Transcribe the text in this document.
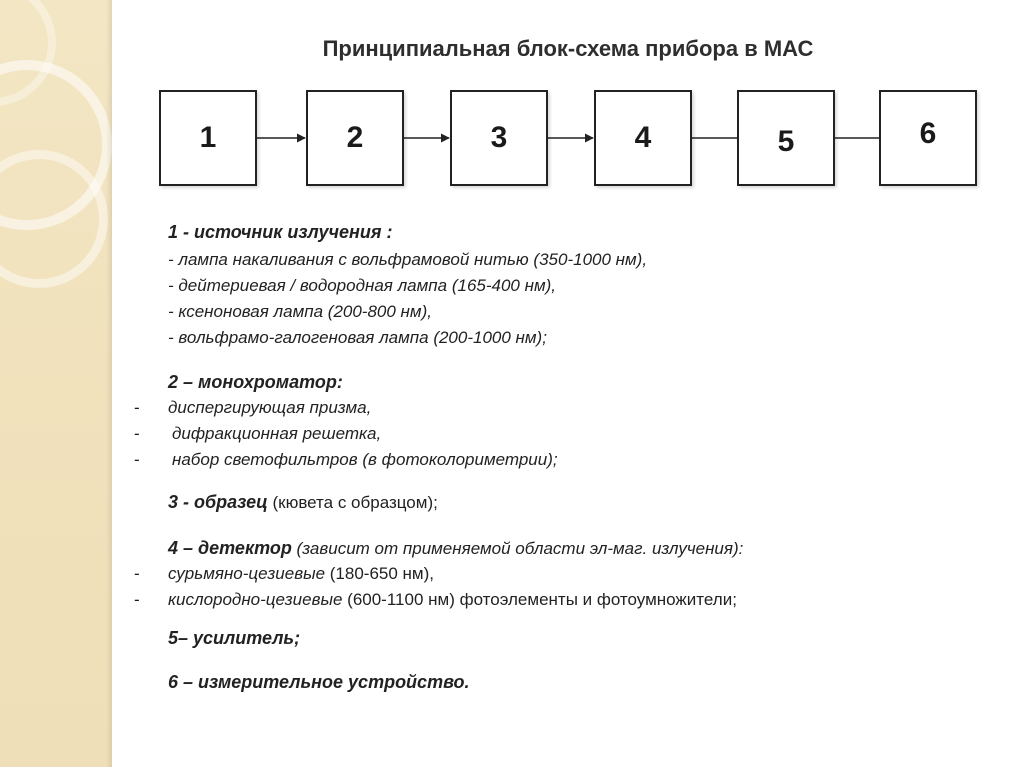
Принципиальная блок-схема прибора в МАС
1	2	3	4	5	6
1 - источник излучения :
- лампа накаливания с вольфрамовой нитью (350-1000 нм),
- дейтериевая / водородная лампа (165-400 нм),
- ксеноновая лампа (200-800 нм),
- вольфрамо-галогеновая лампа (200-1000 нм);
2 – монохроматор:
- диспергирующая призма,
- дифракционная решетка,
- набор светофильтров (в фотоколориметрии);
3 - образец (кювета с образцом);
4 – детектор (зависит от применяемой области эл-маг. излучения):
- сурьмяно-цезиевые (180-650 нм),
- кислородно-цезиевые (600-1100 нм) фотоэлементы и фотоумножители;
5– усилитель;
6 – измерительное устройство.
